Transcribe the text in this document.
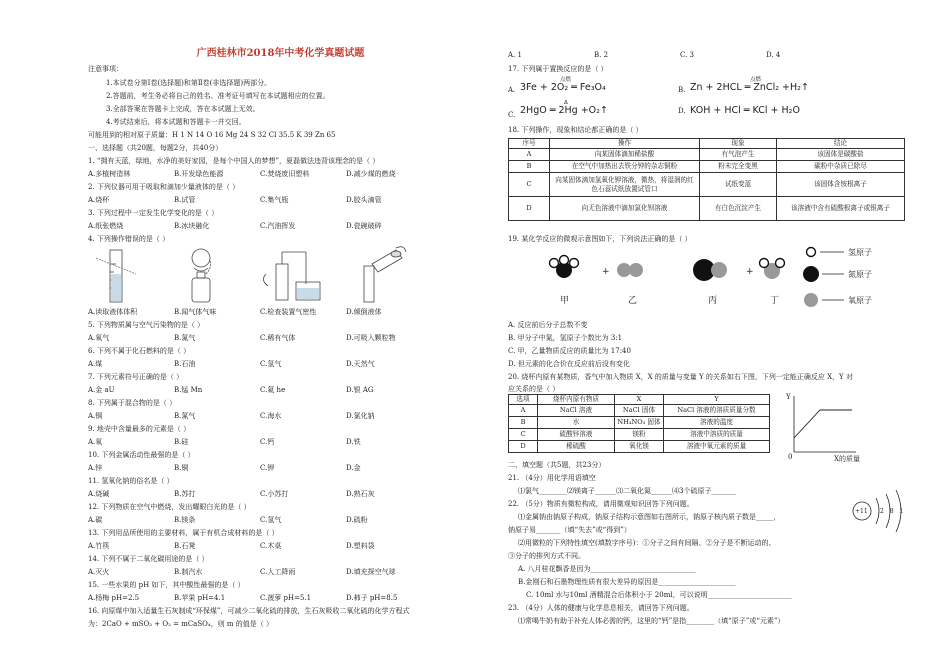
广西桂林市2018年中考化学真题试题
注意事项：
1.本试卷分第Ⅰ卷(选择题)和第Ⅱ卷(非选择题)两部分。
2.答题前，考生务必将自己的姓名、准考证号填写在本试题相应的位置。
3.全部答案在答题卡上完成，答在本试题上无效。
4.考试结束后，将本试题和答题卡一并交回。
可能用到的相对原子质量：H 1 N 14 O 16 Mg 24 S 32 Cl 35.5 K 39 Zn 65
一、选择题（共20题，每题2分，共40分）
1. “拥有天蓝，绿地，水净的美好家园，是每个中国人的梦想”，夏磊做法违背该理念的是（ ）
A.多植树造林	B.开发绿色能源	C.焚烧废旧塑料	D.减少煤的燃烧
2. 下列仪器可用于吸取和滴加少量液体的是（ ）
A.烧杯	B.试管	C.集气瓶	D.胶头滴管
3. 下列过程中一定发生化学变化的是（ ）
A.纸张燃烧	B.冰块融化	C.汽油挥发	D.瓷碗破碎
4. 下列操作错误的是（ ）
A.读取液体体积	B.闻气体气味	C.检查装置气密性	D.倾倒液体
5. 下列物质属与空气污染物的是（ ）
A.氧气	B.氮气	C.稀有气体	D.可吸入颗粒物
6. 下列不属于化石燃料的是（ ）
A.煤	B.石油	C.氢气	D.天然气
7. 下列元素符号正确的是（ ）
A.金 aU	B.锰 Mn	C.氦 he	D.银 AG
8. 下列属于混合物的是（ ）
A.铜	B.氮气	C.海水	D.氯化钠
9. 地壳中含量最多的元素是（ ）
A.氧	B.硅	C.钙	D.铁
10. 下列金属活动性最强的是（ ）
A.锌	B.铜	C.钾	D.金
11. 氢氧化钠的俗名是（ ）
A.烧碱	B.苏打	C.小苏打	D.熟石灰
12. 下列物质在空气中燃烧，发出耀眼白光的是（ ）
A.碳	B.镁条	C.氢气	D.硫粉
13. 下列用品所使用的主要材料，属于有机合成材料的是（ ）
A.竹筷	B.石凳	C.木桌	D.塑料袋
14. 下列不属于二氧化碳用途的是（ ）
A.灭火	B.制汽水	C.人工降雨	D.填充探空气球
15. 一些水果的 pH 如下，其中酸性最强的是（ ）
A.杨梅 pH=2.5	B.苹果 pH=4.1	C.菠萝 pH=5.1	D.柿子 pH=8.5
16. 向原煤中加入适量生石灰制成“环保煤”，可减少二氧化硫的排放，生石灰吸收二氧化硫的化学方程式
为：2CaO + mSO₂ + O₂ = mCaSO₄，则 m 的值是（ ）
A. 1	B. 2	C. 3	D. 4
17. 下列属于置换反应的是（ ）
A.
点燃
3Fe + 2O₂ ═ Fe₃O₄	B.
点燃
Zn + 2HCL ═ ZnCl₂ +H₂↑
C.
Δ
2HgO ═ 2Hg +O₂↑	D. KOH + HCl ═ KCl + H₂O
18. 下列操作，现象和结论都正确的是（ ）
序号	操作	现象	结论
A	向某固体滴加稀盐酸	有气泡产生	该固体是碳酸盐
B	在空气中加热出去铁分钟的杂志铜粉	粉末完全变黑	碳粉中杂质已除尽
C	向某固体滴加氢氧化钾溶液，微热，将湿润的红色石蕊试纸放置试管口	试纸变蓝	该固体含铵根离子
D	向无色溶液中滴加氯化钡溶液	有白色沉淀产生	该溶液中含有硫酸根离子或银离子
19. 某化学反应的微观示意图如下，下列说法正确的是（ ）
+	+
氢原子
氮原子
氧原子
甲	乙	丙	丁
A. 反应前后分子总数不变
B. 甲分子中氮，氢原子个数比为 3:1
C. 甲，乙量物质反应的质量比为 17:40
D. 但元素的化合价在反应前后没有变化
20. 烧杯内原有某物质，香气中加入物质 X，X 的质量与变量 Y 的关系如右下图，下列一定能正确反应 X，Y 对
应关系的是（ ）
选项	烧杯内原有物质	X	Y
A	NaCl 溶液	NaCl 固体	NaCl 溶液的溶质质量分数
B	水	NH₄NO₃ 固体	溶液的温度
C	硫酸锌溶液	镁粉	溶液中溶质的质量
D	稀硫酸	氧化镁	溶液中氧元素的质量
Y
0	X的质量
二、填空题（共5题，共23分）
21. （4分）用化学用语填空
⑴氯气________⑵镁离子______⑶二氧化氮______⑷3个硫原子_______
22. （5分）物质有微粒构成，请用微观知识回答下列问题。
⑴金属钠由钠原子构成，钠原子结构示意图如右图所示，钠原子核内质子数是_____，
钠原子易_______（填“失去”或“得到”）
⑵用微粒的下列特性填空(填数字序号)：①分子之间有间隔、②分子是不断运动的、
③分子的排列方式不同。
A. 八月桂花飘香是因为______________________________
B.金刚石和石墨物理性质有很大差异的原因是______________________
C. 10ml 水与10ml 酒精混合后体积小于 20ml，可以说明________________________
+11 2 8 1
23. （4分）人体的健康与化学息息相关，请回答下列问题。
⑴常喝牛奶有助于补充人体必需的钙，这里的“钙”是指________（填“原子”或“元素”）
